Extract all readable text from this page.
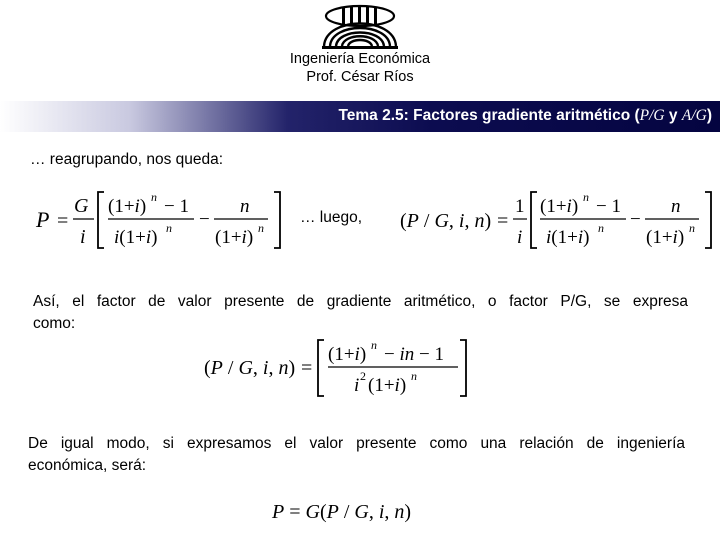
Ingeniería Económica
Prof. César Ríos
Tema 2.5: Factores gradiente aritmético (P/G y A/G)
… reagrupando, nos queda:
P =
G
i
(1+i) n − 1
i(1+i) n −
n
(1+i) n
… luego, (P / G, i, n) =
1
i
(1+i) n − 1
i(1+i) n −
n
(1+i) n
Así, el factor de valor presente de gradiente aritmético, o factor P/G, se expresa
como:
(P / G, i, n) =
(1+i) n − in − 1
i 2 (1+i) n
De igual modo, si expresamos el valor presente como una relación de ingeniería
económica, será:
P = G(P / G, i, n)
